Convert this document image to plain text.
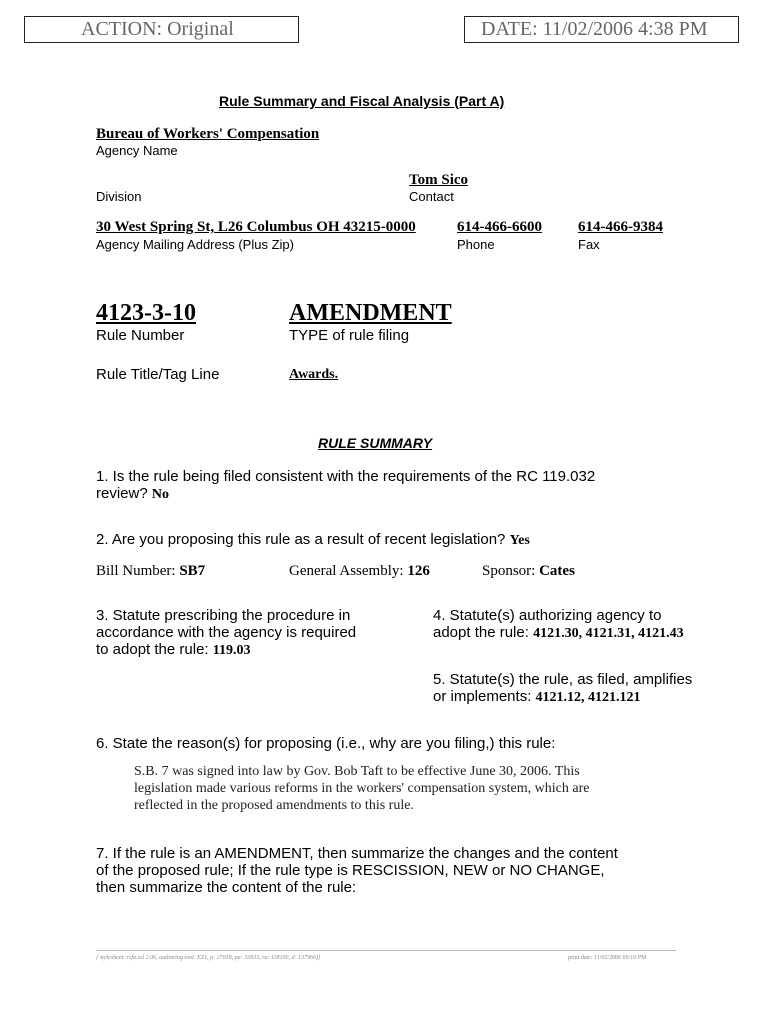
ACTION: Original	DATE: 11/02/2006 4:38 PM
Rule Summary and Fiscal Analysis (Part A)
Bureau of Workers' Compensation
Agency Name
Tom Sico
Division	Contact
30 West Spring St, L26 Columbus OH 43215-0000	614-466-6600 614-466-9384
Agency Mailing Address (Plus Zip)	Phone	Fax
4123-3-10	AMENDMENT
Rule Number	TYPE of rule filing
Rule Title/Tag Line	Awards.
RULE SUMMARY
1. Is the rule being filed consistent with the requirements of the RC 119.032
review? No
2. Are you proposing this rule as a result of recent legislation? Yes
Bill Number: SB7	General Assembly: 126	Sponsor: Cates
3. Statute prescribing the procedure in
accordance with the agency is required
to adopt the rule: 119.03
4. Statute(s) authorizing agency to
adopt the rule: 4121.30, 4121.31, 4121.43
5. Statute(s) the rule, as filed, amplifies
or implements: 4121.12, 4121.121
6. State the reason(s) for proposing (i.e., why are you filing,) this rule:
S.B. 7 was signed into law by Gov. Bob Taft to be effective June 30, 2006. This
legislation made various reforms in the workers' compensation system, which are
reflected in the proposed amendments to this rule.
7. If the rule is an AMENDMENT, then summarize the changes and the content
of the proposed rule; If the rule type is RESCISSION, NEW or NO CHANGE,
then summarize the content of the rule:
[ stylesheet: rsfa.xsl 2.06, authoring tool: EZ1, p: 27018, pa: 33933, ra: 118100, d: 137966)]	print date: 11/02/2006 09:10 PM
